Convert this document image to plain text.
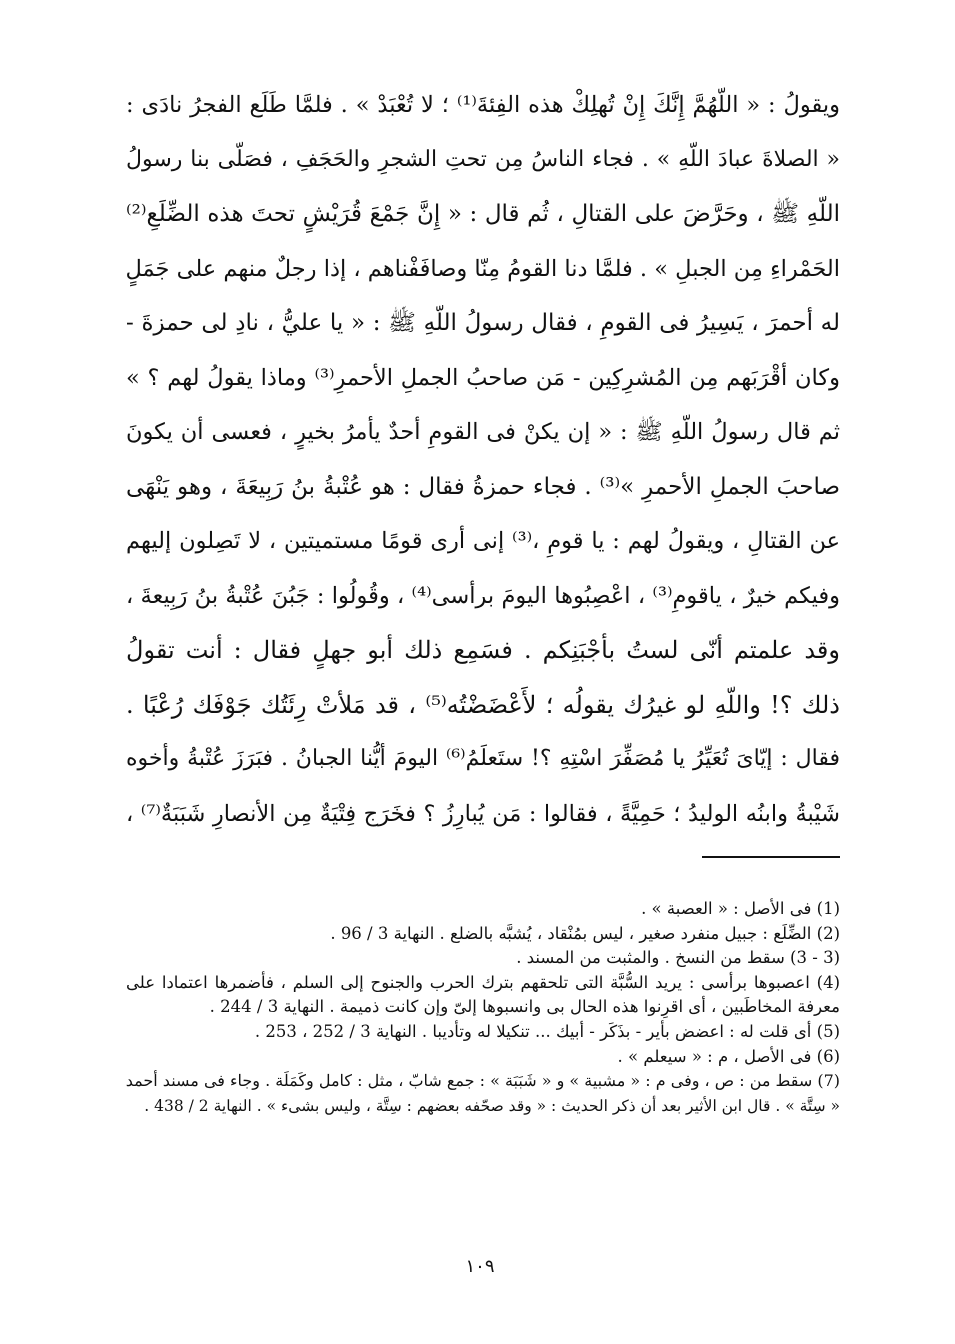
ويقولُ : « اللّهُمَّ إِنَّكَ إِنْ تُهلِكْ هذه الفِئةَ⁽¹⁾ ؛ لا تُعْبَدْ » . فلمَّا طَلَع الفجرُ نادَى :
« الصلاةَ عبادَ اللّهِ » . فجاء الناسُ مِن تحتِ الشجرِ والحَجَفِ ، فصَلّى بنا رسولُ
اللّهِ ﷺ ، وحَرَّضَ على القتالِ ، ثُم قال : « إِنَّ جَمْعَ قُرَيْشٍ تحتَ هذه الضِّلَعِ⁽²⁾
الحَمْراءِ مِن الجبلِ » . فلمَّا دنا القومُ مِنّا وصافَفْناهم ، إذا رجلٌ منهم على جَمَلٍ
له أحمرَ ، يَسِيرُ فى القومِ ، فقال رسولُ اللّهِ ﷺ : « يا عليُّ ، نادِ لى حمزةَ -
وكان أقْرَبَهم مِن المُشرِكِين - مَن صاحبُ الجملِ الأحمرِ⁽³⁾ وماذا يقولُ لهم ؟ »
ثم قال رسولُ اللّهِ ﷺ : « إن يكنْ فى القومِ أحدٌ يأمرُ بخيرٍ ، فعسى أن يكونَ
صاحبَ الجملِ الأحمرِ »⁽³⁾ . فجاء حمزةُ فقال : هو عُتْبةُ بنُ رَبِيعَةَ ، وهو يَنْهَى
عن القتالِ ، ويقولُ لهم : يا قومِ ،⁽³⁾ إنى أرى قومًا مستميتين ، لا تَصِلون إليهم
وفيكم خيرٌ ، ياقومِ⁽³⁾ ، اعْصِبُوها اليومَ برأسى⁽⁴⁾ ، وقُولُوا : جَبُنَ عُتْبةُ بنُ رَبِيعةَ ،
وقد علمتم أنّى لستُ بأجْبَنِكم . فسَمِع ذلك أبو جهلٍ فقال : أنت تقولُ
ذلك ؟! واللّهِ لو غيرُك يقولُه ؛ لأَعْضَضْتُه⁽⁵⁾ ، قد مَلأتْ رِئَتُك جَوْفَك رُعْبًا .
فقال : إيّاىَ تُعَيِّرُ يا مُصَفِّرَ اسْتِهِ ؟! ستَعلَمُ⁽⁶⁾ اليومَ أيُّنا الجبانُ . فبَرَزَ عُتْبةُ وأخوه
شَيْبةُ وابنُه الوليدُ ؛ حَمِيَّةً ، فقالوا : مَن يُبارِزُ ؟ فخَرَج فِتْيَةٌ مِن الأنصارِ شَبَبَةٌ⁽⁷⁾ ،
(1) فى الأصل : « العصبة » .
(2) الضِّلَع : جبيل منفرد صغير ، ليس بمُنْقاد ، يُشبَّه بالضلع . النهاية 3 / 96 .
(3 - 3) سقط من النسخ . والمثبت من المسند .
(4) اعصبوها برأسى : يريد السُّبَّة التى تلحقهم بترك الحرب والجنوح إلى السلم ، فأضمرها اعتمادا على
معرفة المخاطَبين ، أى اقرِنوا هذه الحال بى وانسبوها إلىّ وإن كانت ذميمة . النهاية 3 / 244 .
(5) أى قلت له : اعضض بأير - بذَكَر - أبيك ... تنكيلا له وتأديبا . النهاية 3 / 252 ، 253 .
(6) فى الأصل ، م : « سيعلم » .
(7) سقط من : ص ، وفى م : « مشبية » و « شَبَبَة » : جمع شابّ ، مثل : كامل وكَمَلَة . وجاء فى مسند أحمد
« سِتَّة » . قال ابن الأثير بعد أن ذكر الحديث : « وقد صحّفه بعضهم : سِتَّة ، وليس بشىء » . النهاية 2 / 438 .
١٠٩
